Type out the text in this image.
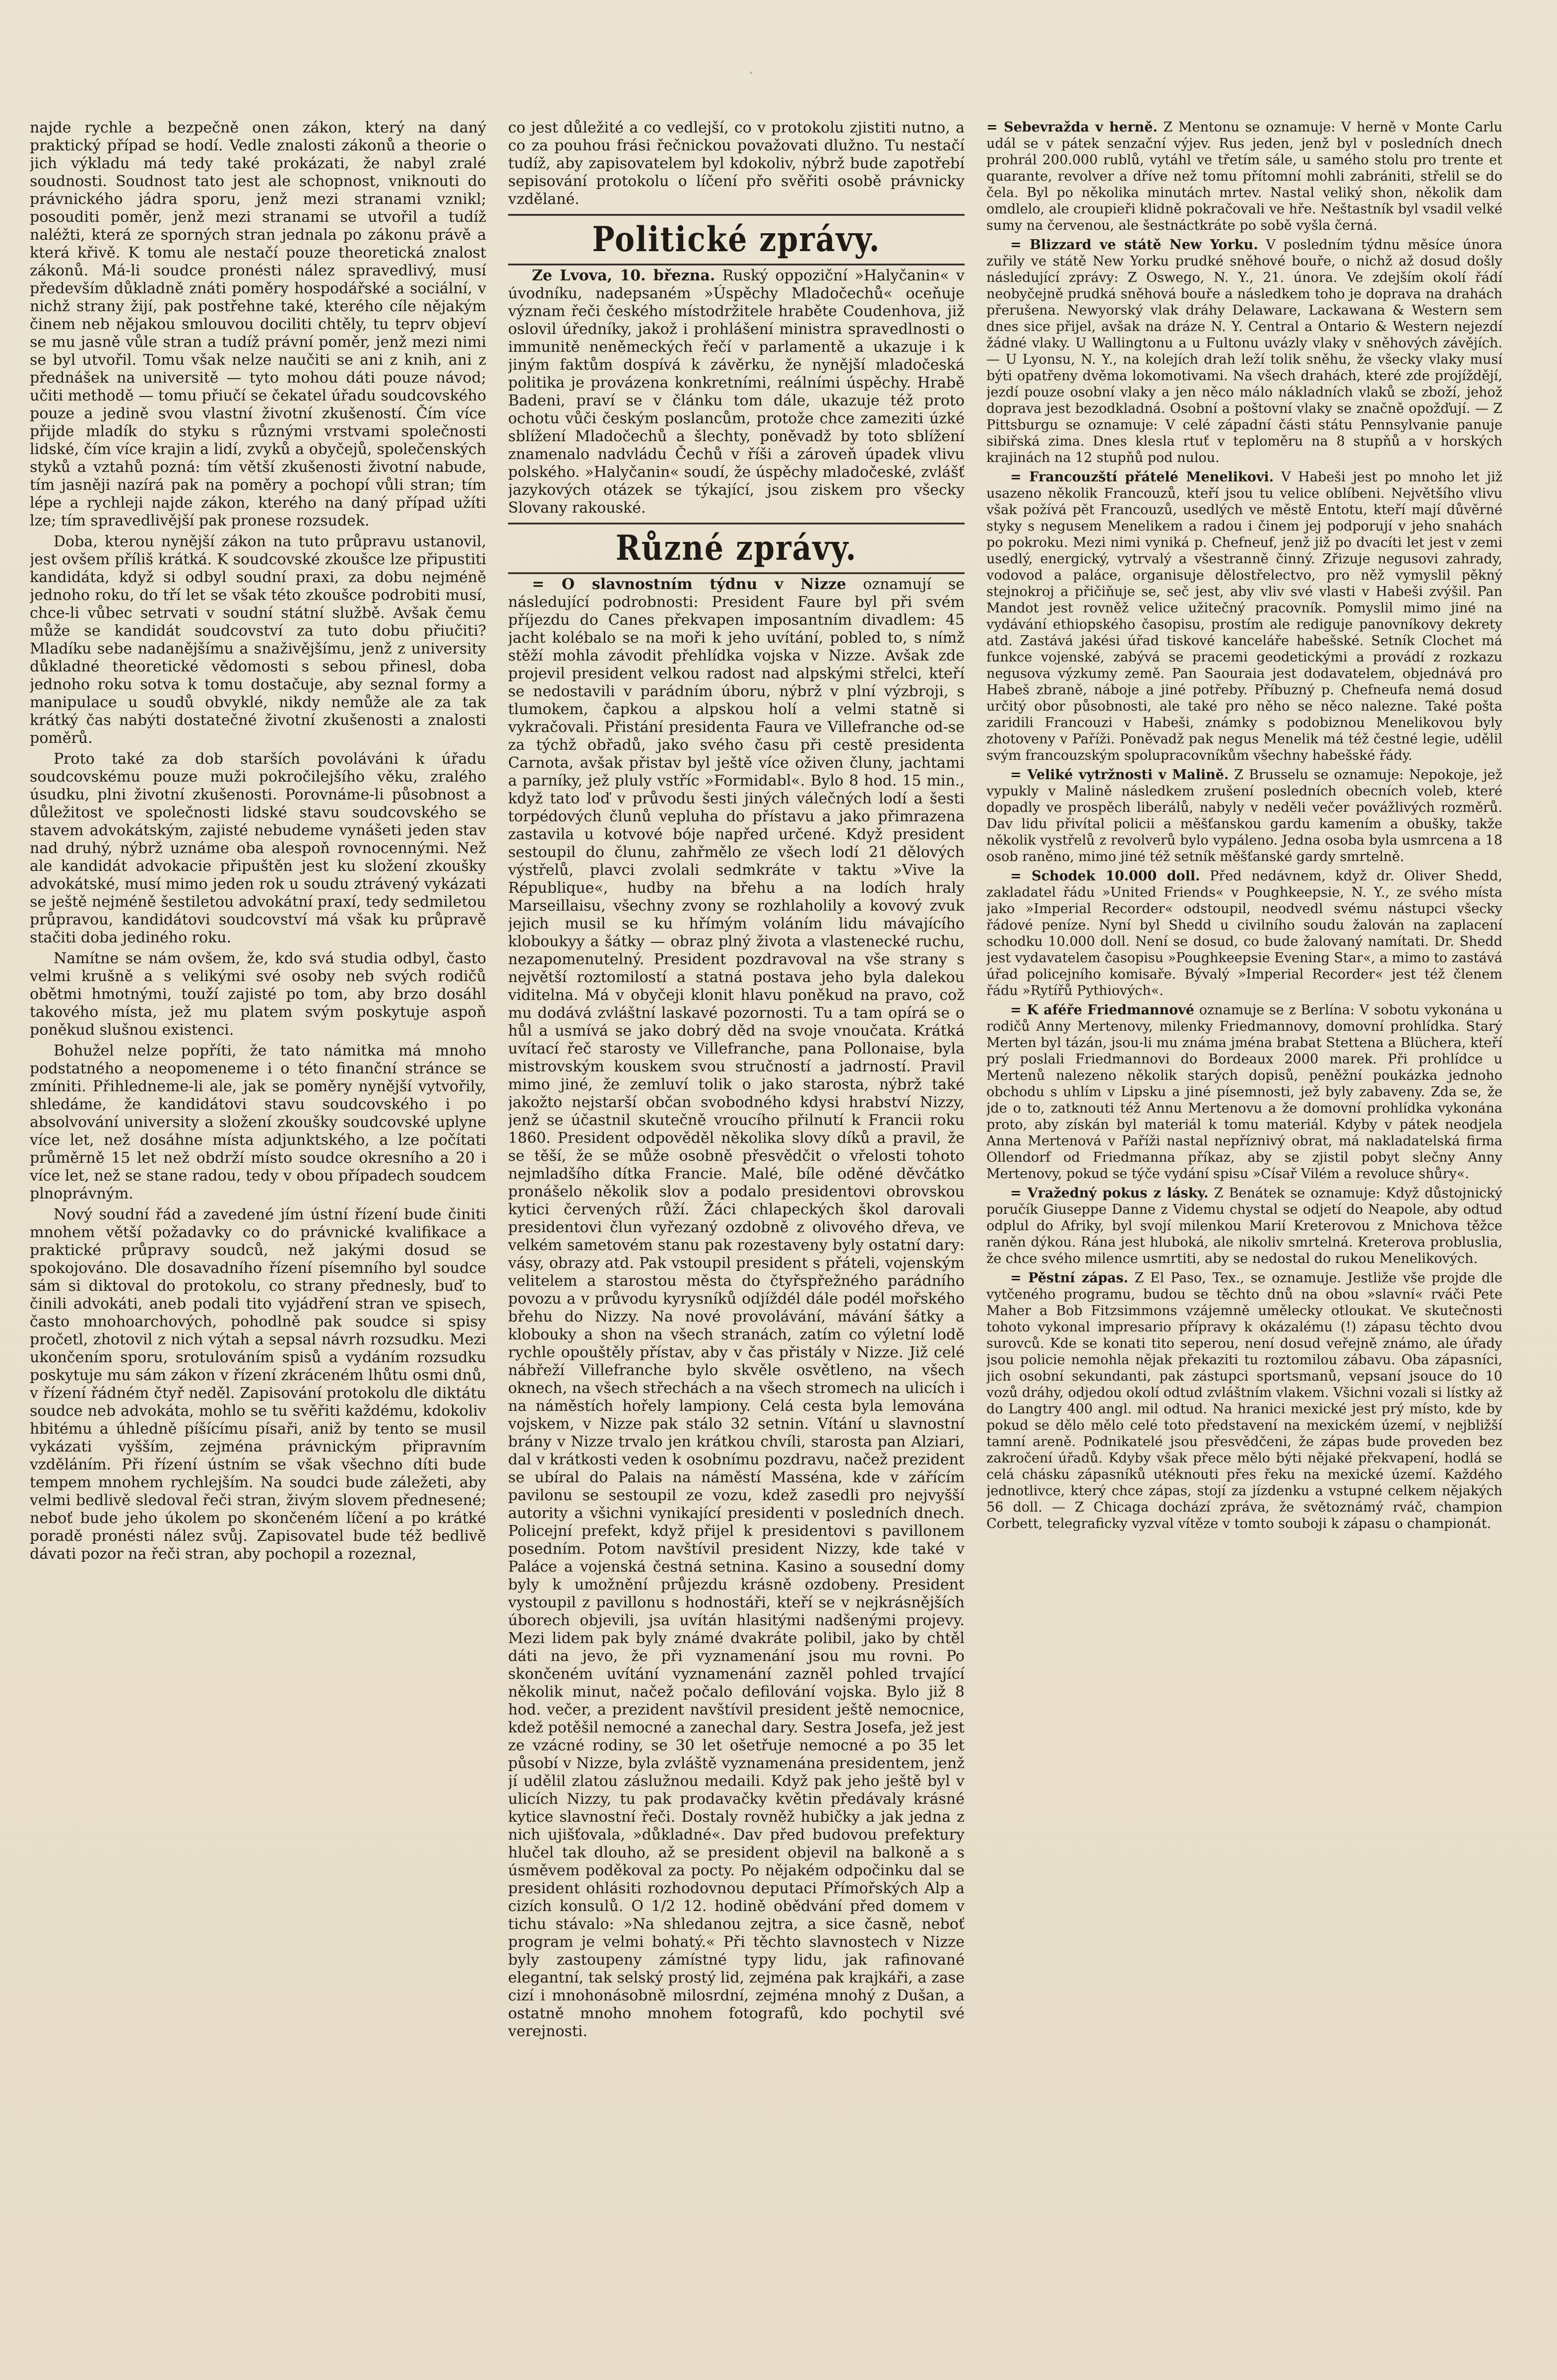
ʻ

najde rychle a bezpečně onen zákon, který na daný praktický případ se hodí. Vedle znalosti zákonů a theorie o jich výkladu má tedy také prokázati, že nabyl zralé soudnosti. Soudnost tato jest ale schopnost, vniknouti do právnického jádra sporu, jenž mezi stranami vznikl; posouditi poměr, jenž mezi stranami se utvořil a tudíž naléžti, která ze sporných stran jednala po zákonu právě a která křivě. K tomu ale nestačí pouze theoretická znalost zákonů. Má-li soudce pronésti nález spravedlivý, musí především důkladně znáti poměry hospodářské a sociální, v nichž strany žijí, pak postřehne také, kterého cíle nějakým činem neb nějakou smlouvou dociliti chtěly, tu teprv objeví se mu jasně vůle stran a tudíž právní poměr, jenž mezi nimi se byl utvořil. Tomu však nelze naučiti se ani z knih, ani z přednášek na universitě — tyto mohou dáti pouze návod; učiti methodě — tomu přiučí se čekatel úřadu soudcovského pouze a jedině svou vlastní životní zkušeností. Čím více přijde mladík do styku s různými vrstvami společnosti lidské, čím více krajin a lidí, zvyků a obyčejů, společenských styků a vztahů pozná: tím větší zkušenosti životní nabude, tím jasněji nazírá pak na poměry a pochopí vůli stran; tím lépe a rychleji najde zákon, kterého na daný případ užíti lze; tím spravedlivější pak pronese rozsudek.

Doba, kterou nynější zákon na tuto průpravu ustanovil, jest ovšem příliš krátká. K soudcovské zkoušce lze připustiti kandidáta, když si odbyl soudní praxi, za dobu nejméně jednoho roku, do tří let se však této zkoušce podrobiti musí, chce-li vůbec setrvati v soudní státní službě. Avšak čemu může se kandidát soudcovství za tuto dobu přiučiti? Mladíku sebe nadanějšímu a snaživějšímu, jenž z university důkladné theoretické vědomosti s sebou přinesl, doba jednoho roku sotva k tomu dostačuje, aby seznal formy a manipulace u soudů obvyklé, nikdy nemůže ale za tak krátký čas nabýti dostatečné životní zkušenosti a znalosti poměrů.

Proto také za dob starších povoláváni k úřadu soudcovskému pouze muži pokročilejšího věku, zralého úsudku, plni životní zkušenosti. Porovnáme-li působnost a důležitost ve společnosti lidské stavu soudcovského se stavem advokátským, zajisté nebudeme vynášeti jeden stav nad druhý, nýbrž uznáme oba alespoň rovnocennými. Než ale kandidát advokacie připuštěn jest ku složení zkoušky advokátské, musí mimo jeden rok u soudu ztrávený vykázati se ještě nejméně šestiletou advokátní praxí, tedy sedmiletou průpravou, kandidátovi soudcovství má však ku průpravě stačiti doba jediného roku.

Namítne se nám ovšem, že, kdo svá studia odbyl, často velmi krušně a s velikými své osoby neb svých rodičů obětmi hmotnými, touží zajisté po tom, aby brzo dosáhl takového místa, jež mu platem svým poskytuje aspoň poněkud slušnou existenci.

Bohužel nelze popříti, že tato námitka má mnoho podstatného a neopomeneme i o této finanční stránce se zmíniti. Přihledneme-li ale, jak se poměry nynější vytvořily, shledáme, že kandidátovi stavu soudcovského i po absolvování university a složení zkoušky soudcovské uplyne více let, než dosáhne místa adjunktského, a lze počítati průměrně 15 let než obdrží místo soudce okresního a 20 i více let, než se stane radou, tedy v obou případech soudcem plnoprávným.

Nový soudní řád a zavedené jím ústní řízení bude činiti mnohem větší požadavky co do právnické kvalifikace a praktické průpravy soudců, než jakými dosud se spokojováno. Dle dosavadního řízení písemního byl soudce sám si diktoval do protokolu, co strany přednesly, buď to činili advokáti, aneb podali tito vyjádření stran ve spisech, často mnohoarchových, pohodlně pak soudce si spisy pročetl, zhotovil z nich výtah a sepsal návrh rozsudku. Mezi ukončením sporu, srotulováním spisů a vydáním rozsudku poskytuje mu sám zákon v řízení zkráceném lhůtu osmi dnů, v řízení řádném čtyř neděl. Zapisování protokolu dle diktátu soudce neb advokáta, mohlo se tu svěřiti každému, kdokoliv hbitému a úhledně píšícímu písaři, aniž by tento se musil vykázati vyšším, zejména právnickým připravním vzděláním. Při řízení ústním se však všechno díti bude tempem mnohem rychlejším. Na soudci bude záležeti, aby velmi bedlivě sledoval řeči stran, živým slovem přednesené; neboť bude jeho úkolem po skončeném líčení a po krátké poradě pronésti nález svůj. Zapisovatel bude též bedlivě dávati pozor na řeči stran, aby pochopil a rozeznal,

co jest důležité a co vedlejší, co v protokolu zjistiti nutno, a co za pouhou frási řečnickou považovati dlužno. Tu nestačí tudíž, aby zapisovatelem byl kdokoliv, nýbrž bude zapotřebí sepisování protokolu o líčení přo svěřiti osobě právnicky vzdělané.

Politické zprávy.

Ze Lvova, 10. března. Ruský oppoziční »Halyčanin« v úvodníku, nadepsaném »Úspěchy Mladočechů« oceňuje význam řeči českého místodržitele hraběte Coudenhova, již oslovil úředníky, jakož i prohlášení ministra spravedlnosti o immunitě neněmeckých řečí v parlamentě a ukazuje i k jiným faktům dospívá k závěrku, že nynější mladočeská politika je provázena konkretními, reálními úspěchy. Hrabě Badeni, praví se v článku tom dále, ukazuje též proto ochotu vůči českým poslancům, protože chce zameziti úzké sblížení Mladočechů a šlechty, poněvadž by toto sblížení znamenalo nadvládu Čechů v říši a zároveň úpadek vlivu polského. »Halyčanin« soudí, že úspěchy mladočeské, zvlášť jazykových otázek se týkající, jsou ziskem pro všecky Slovany rakouské.

Různé zprávy.

= O slavnostním týdnu v Nizze oznamují se následující podrobnosti: President Faure byl při svém příjezdu do Canes překvapen imposantním divadlem: 45 jacht kolébalo se na moři k jeho uvítání, pobled to, s nímž stěží mohla závodit přehlídka vojska v Nizze. Avšak zde projevil president velkou radost nad alpskými střelci, kteří se nedostavili v parádním úboru, nýbrž v plní výzbroji, s tlumokem, čapkou a alpskou holí a velmi statně si vykračovali. Přistání presidenta Faura ve Villefranche od-se za týchž obřadů, jako svého času při cestě presidenta Carnota, avšak přistav byl ještě více oživen čluny, jachtami a parníky, jež pluly vstříc »Formidabl«. Bylo 8 hod. 15 min., když tato loď v průvodu šesti jiných válečných lodí a šesti torpédových člunů vepluha do přístavu a jako přimrazena zastavila u kotvové bóje napřed určené. Když president sestoupil do člunu, zahřmělo ze všech lodí 21 dělových výstřelů, plavci zvolali sedmkráte v taktu »Vive la République«, hudby na břehu a na lodích hraly Marseillaisu, všechny zvony se rozhlaholily a kovový zvuk jejich musil se ku hřímým voláním lidu mávajícího kloboukyy a šátky — obraz plný života a vlastenecké ruchu, nezapomenutelný. President pozdravoval na vše strany s největší roztomilostí a statná postava jeho byla dalekou viditelna. Má v obyčeji klonit hlavu poněkud na pravo, což mu dodává zvláštní laskavé pozornosti. Tu a tam opírá se o hůl a usmívá se jako dobrý děd na svoje vnoučata. Krátká uvítací řeč starosty ve Villefranche, pana Pollonaise, byla mistrovským kouskem svou stručností a jadrností. Pravil mimo jiné, že zemluví tolik o jako starosta, nýbrž také jakožto nejstarší občan svobodného kdysi hrabství Nizzy, jenž se účastnil skutečně vroucího přilnutí k Francii roku 1860. President odpověděl několika slovy díků a pravil, že se těší, že se může osobně přesvědčit o vřelosti tohoto nejmladšího dítka Francie. Malé, bíle oděné děvčátko pronášelo několik slov a podalo presidentovi obrovskou kytici červených růží. Žáci chlapeckých škol darovali presidentovi člun vyřezaný ozdobně z olivového dřeva, ve velkém sametovém stanu pak rozestaveny byly ostatní dary: vásy, obrazy atd. Pak vstoupil president s přáteli, vojenským velitelem a starostou města do čtyřspřežného parádního povozu a v průvodu kyrysníků odjíždél dále podél mořského břehu do Nizzy. Na nové provolávání, mávání šátky a klobouky a shon na všech stranách, zatím co výletní lodě rychle opouštěly přístav, aby v čas přistály v Nizze. Již celé nábřeží Villefranche bylo skvěle osvětleno, na všech oknech, na všech střechách a na všech stromech na ulicích i na náměstích hořely lampiony. Celá cesta byla lemována vojskem, v Nizze pak stálo 32 setnin. Vítání u slavnostní brány v Nizze trvalo jen krátkou chvíli, starosta pan Alziari, dal v krátkosti veden k osobnímu pozdravu, načež prezident se ubíral do Palais na náměstí Masséna, kde v zářícím pavilonu se sestoupil ze vozu, kdež zasedli pro nejvyšší autority a všichni vynikající presidenti v posledních dnech. Policejní prefekt, když přijel k presidentovi s pavillonem posedním. Potom navštívil president Nizzy, kde také v Paláce a vojenská čestná setnina. Kasino a sousední domy byly k umožnění průjezdu krásně ozdobeny. President vystoupil z pavillonu s hodnostáři, kteří se v nejkrásnějších úborech objevili, jsa uvítán hlasitými nadšenými projevy. Mezi lidem pak byly známé dvakráte polibil, jako by chtěl dáti na jevo, že při vyznamenání jsou mu rovni. Po skončeném uvítání vyznamenání zazněl pohled trvající několik minut, načež počalo defilování vojska. Bylo již 8 hod. večer, a prezident navštívil president ještě nemocnice, kdež potěšil nemocné a zanechal dary. Sestra Josefa, jež jest ze vzácné rodiny, se 30 let ošetřuje nemocné a po 35 let působí v Nizze, byla zvláště vyznamenána presidentem, jenž jí udělil zlatou záslužnou medaili. Když pak jeho ještě byl v ulicích Nizzy, tu pak prodavačky květin předávaly krásné kytice slavnostní řeči. Dostaly rovněž hubičky a jak jedna z nich ujišťovala, »důkladné«. Dav před budovou prefektury hlučel tak dlouho, až se president objevil na balkoně a s úsměvem poděkoval za pocty. Po nějakém odpočinku dal se president ohlásiti rozhodovnou deputaci Přímořských Alp a cizích konsulů. O 1/2 12. hodině obědvání před domem v tichu stávalo: »Na shledanou zejtra, a sice časně, neboť program je velmi bohatý.« Při těchto slavnostech v Nizze byly zastoupeny zámístné typy lidu, jak rafinované elegantní, tak selský prostý lid, zejména pak krajkáři, a zase cizí i mnohonásobně milosrdní, zejména mnohý z Dušan, a ostatně mnoho mnohem fotografů, kdo pochytil své verejnosti.

= Sebevražda v herně. Z Mentonu se oznamuje: V herně v Monte Carlu udál se v pátek senzační výjev. Rus jeden, jenž byl v posledních dnech prohrál 200.000 rublů, vytáhl ve třetím sále, u samého stolu pro trente et quarante, revolver a dříve než tomu přítomní mohli zabrániti, střelil se do čela. Byl po několika minutách mrtev. Nastal veliký shon, několik dam omdlelo, ale croupieři klidně pokračovali ve hře. Neštastník byl vsadil velké sumy na červenou, ale šestnáctkráte po sobě vyšla černá.

= Blizzard ve státě New Yorku. V posledním týdnu měsíce února zuřily ve státě New Yorku prudké sněhové bouře, o nichž až dosud došly následující zprávy: Z Oswego, N. Y., 21. února. Ve zdejším okolí řádí neobyčejně prudká sněhová bouře a následkem toho je doprava na drahách přerušena. Newyorský vlak dráhy Delaware, Lackawana & Western sem dnes sice přijel, avšak na dráze N. Y. Central a Ontario & Western nejezdí žádné vlaky. U Wallingtonu a u Fultonu uvázly vlaky v sněhových závějích. — U Lyonsu, N. Y., na kolejích drah leží tolik sněhu, že všecky vlaky musí býti opatřeny dvěma lokomotivami. Na všech drahách, které zde projíždějí, jezdí pouze osobní vlaky a jen něco málo nákladních vlaků se zboží, jehož doprava jest bezodkladná. Osobní a poštovní vlaky se značně opožďují. — Z Pittsburgu se oznamuje: V celé západní části státu Pennsylvanie panuje sibiřská zima. Dnes klesla rtuť v teploměru na 8 stupňů a v horských krajinách na 12 stupňů pod nulou.

= Francouzští přátelé Menelikovi. V Habeši jest po mnoho let již usazeno několik Francouzů, kteří jsou tu velice oblíbeni. Největšího vlivu však požívá pět Francouzů, usedlých ve městě Entotu, kteří mají důvěrné styky s negusem Menelikem a radou i činem jej podporují v jeho snahách po pokroku. Mezi nimi vyniká p. Chefneuf, jenž již po dvacíti let jest v zemi usedlý, energický, vytrvalý a všestranně činný. Zřizuje negusovi zahrady, vodovod a paláce, organisuje dělostřelectvo, pro něž vymyslil pěkný stejnokroj a přičiňuje se, seč jest, aby vliv své vlasti v Habeši zvýšil. Pan Mandot jest rovněž velice užitečný pracovník. Pomyslil mimo jiné na vydávání ethiopského časopisu, prostím ale rediguje panovníkovy dekrety atd. Zastává jakési úřad tiskové kanceláře habešské. Setník Clochet má funkce vojenské, zabývá se pracemi geodetickými a provádí z rozkazu negusova výzkumy země. Pan Saouraia jest dodavatelem, objednává pro Habeš zbraně, náboje a jiné potřeby. Příbuzný p. Chefneufa nemá dosud určitý obor působnosti, ale také pro něho se něco nalezne. Také pošta zaridili Francouzi v Habeši, známky s podobiznou Menelikovou byly zhotoveny v Paříži. Poněvadž pak negus Menelik má též čestné legie, udělil svým francouzským spolupracovníkům všechny habešské řády.

= Veliké vytržnosti v Malině. Z Brusselu se oznamuje: Nepokoje, jež vypukly v Malině následkem zrušení posledních obecních voleb, které dopadly ve prospěch liberálů, nabyly v neděli večer povážlivých rozměrů. Dav lidu přivítal policii a měšťanskou gardu kamením a obušky, takže několik vystřelů z revolverů bylo vypáleno. Jedna osoba byla usmrcena a 18 osob raněno, mimo jiné též setník měšťanské gardy smrtelně.

= Schodek 10.000 doll. Před nedávnem, když dr. Oliver Shedd, zakladatel řádu »United Friends« v Poughkeepsie, N. Y., ze svého místa jako »Imperial Recorder« odstoupil, neodvedl svému nástupci všecky řádové peníze. Nyní byl Shedd u civilního soudu žalován na zaplacení schodku 10.000 doll. Není se dosud, co bude žalovaný namítati. Dr. Shedd jest vydavatelem časopisu »Poughkeepsie Evening Star«, a mimo to zastává úřad policejního komisaře. Bývalý »Imperial Recorder« jest též členem řádu »Rytířů Pythiových«.

= K aféře Friedmannové oznamuje se z Berlína: V sobotu vykonána u rodičů Anny Mertenovy, milenky Friedmannovy, domovní prohlídka. Starý Merten byl tázán, jsou-li mu známa jména brabat Stettena a Blüchera, kteří prý poslali Friedmannovi do Bordeaux 2000 marek. Při prohlídce u Mertenů nalezeno několik starých dopisů, peněžní poukázka jednoho obchodu s uhlím v Lipsku a jiné písemnosti, jež byly zabaveny. Zda se, že jde o to, zatknouti též Annu Mertenovu a že domovní prohlídka vykonána proto, aby získán byl materiál k tomu materiál. Kdyby v pátek neodjela Anna Mertenová v Paříži nastal nepříznivý obrat, má nakladatelská firma Ollendorf od Friedmanna příkaz, aby se zjistil pobyt slečny Anny Mertenovy, pokud se týče vydání spisu »Císař Vilém a revoluce shůry«.

= Vražedný pokus z lásky. Z Benátek se oznamuje: Když důstojnický poručík Giuseppe Danne z Videmu chystal se odjetí do Neapole, aby odtud odplul do Afriky, byl svojí milenkou Marií Kreterovou z Mnichova těžce raněn dýkou. Rána jest hluboká, ale nikoliv smrtelná. Kreterova probluslia, že chce svého milence usmrtiti, aby se nedostal do rukou Menelikových.

= Pěstní zápas. Z El Paso, Tex., se oznamuje. Jestliže vše projde dle vytčeného programu, budou se těchto dnů na obou »slavní« rváči Pete Maher a Bob Fitzsimmons vzájemně umělecky otloukat. Ve skutečnosti tohoto vykonal impresario přípravy k okázalému (!) zápasu těchto dvou surovců. Kde se konati tito seperou, není dosud veřejně známo, ale úřady jsou policie nemohla nějak překaziti tu roztomilou zábavu. Oba zápasníci, jich osobní sekundanti, pak zástupci sportsmanů, vepsaní jsouce do 10 vozů dráhy, odjedou okolí odtud zvláštním vlakem. Všichni vozali si lístky až do Langtry 400 angl. mil odtud. Na hranici mexické jest prý místo, kde by pokud se dělo mělo celé toto představení na mexickém území, v nejbližší tamní areně. Podnikatelé jsou přesvědčeni, že zápas bude proveden bez zakročení úřadů. Kdyby však přece mělo býti nějaké překvapení, hodlá se celá chásku zápasníků utéknouti přes řeku na mexické území. Každého jednotlivce, který chce zápas, stojí za jízdenku a vstupné celkem nějakých 56 doll. — Z Chicaga dochází zpráva, že světoznámý rváč, champion Corbett, telegraficky vyzval vítěze v tomto souboji k zápasu o championát.
